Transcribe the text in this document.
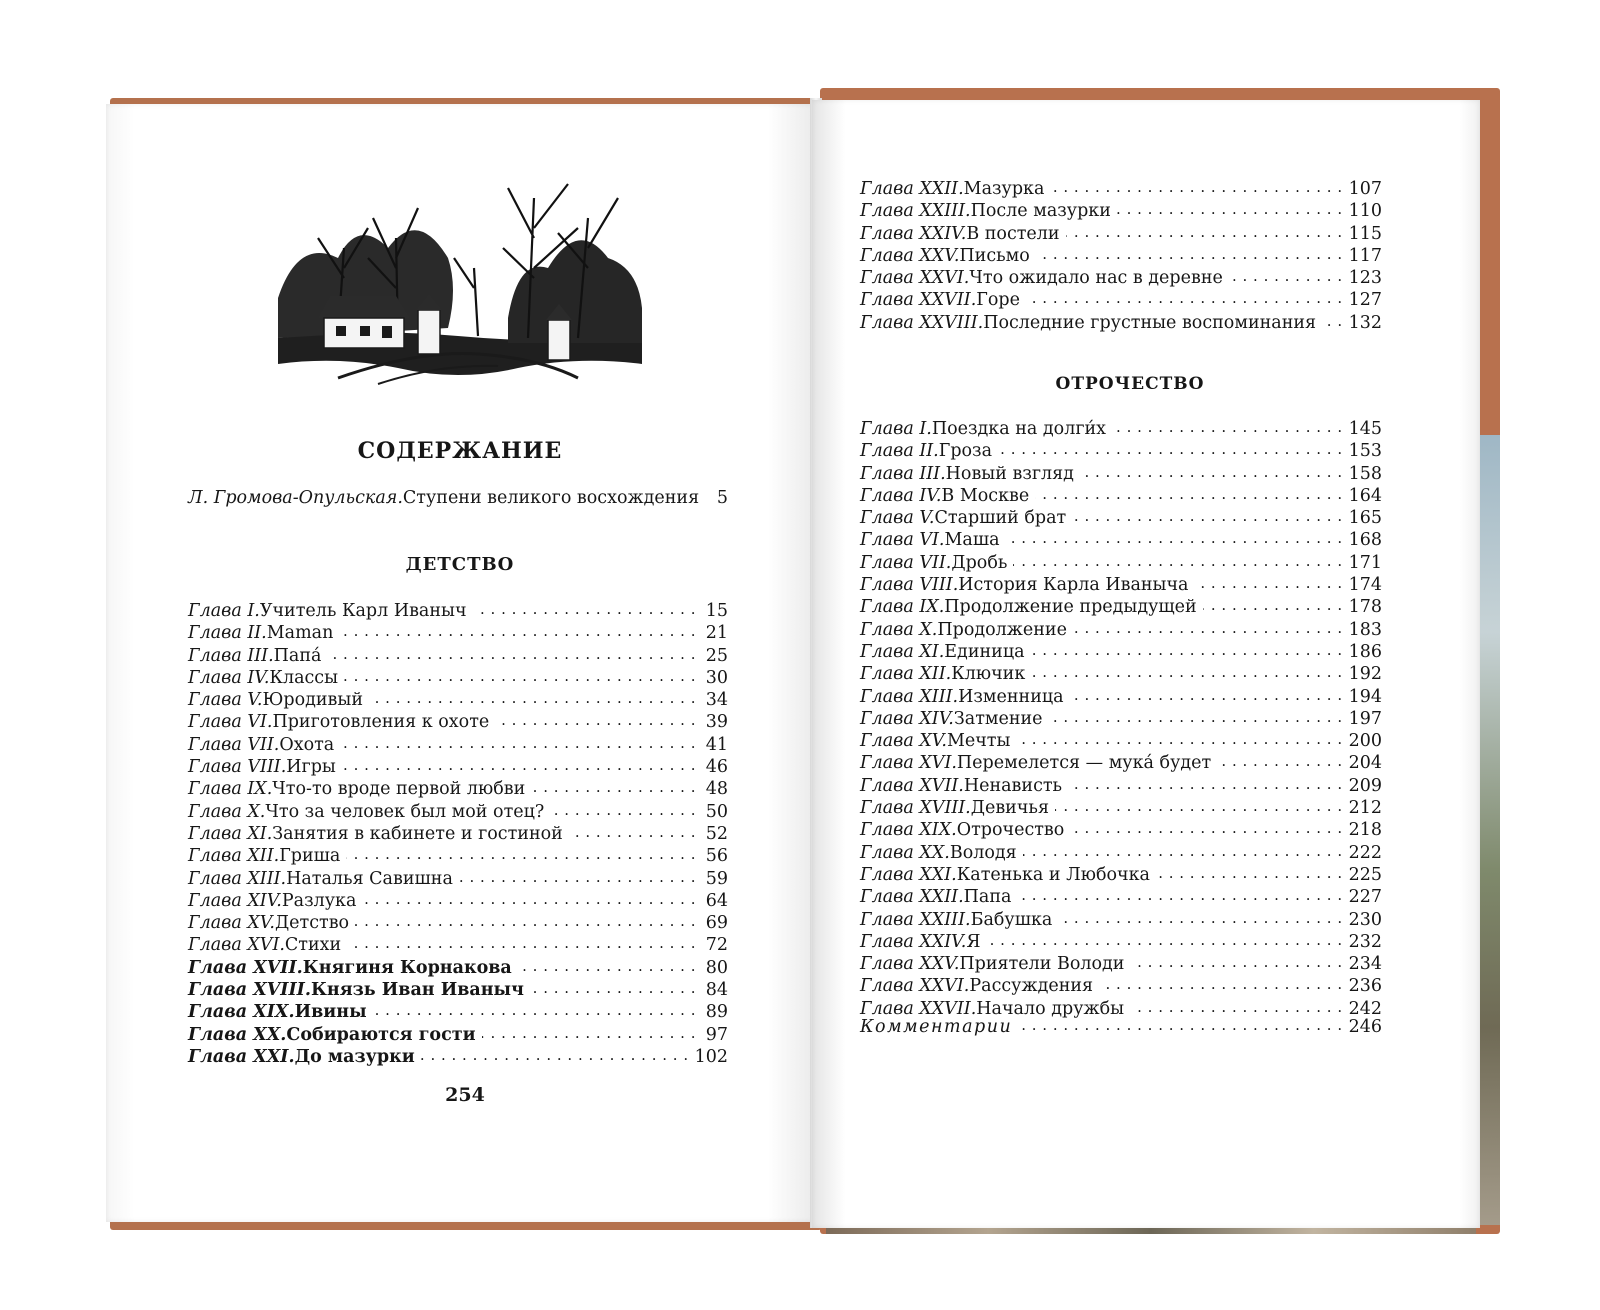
СОДЕРЖАНИЕ
Л. Громова-Опульская. Ступени великого восхождения 5
ДЕТСТВО
Глава I. Учитель Карл Иваныч . . .	15
Глава II. Maman . . .	21
Глава III. Папа́ . . .	25
Глава IV. Классы . . .	30
Глава V. Юродивый . . .	34
Глава VI. Приготовления к охоте . . .	39
Глава VII. Охота . . .	41
Глава VIII. Игры . . .	46
Глава IX. Что-то вроде первой любви . . .	48
Глава X. Что за человек был мой отец? . . .	50
Глава XI. Занятия в кабинете и гостиной . . .	52
Глава XII. Гриша . . .	56
Глава XIII. Наталья Савишна . . .	59
Глава XIV. Разлука . . .	64
Глава XV. Детство . . .	69
Глава XVI. Стихи . . .	72
Глава XVII. Княгиня Корнакова . . .	80
Глава XVIII. Князь Иван Иваныч . . .	84
Глава XIX. Ивины . . .	89
Глава XX. Собираются гости . . .	97
Глава XXI. До мазурки . . .	102
254
Глава XXII. Мазурка . . .	107
Глава XXIII. После мазурки . . .	110
Глава XXIV. В постели . . .	115
Глава XXV. Письмо . . .	117
Глава XXVI. Что ожидало нас в деревне . . .	123
Глава XXVII. Горе . . .	127
Глава XXVIII. Последние грустные воспоминания . . . 132
ОТРОЧЕСТВО
Глава I. Поездка на долги́х . . .	145
Глава II. Гроза . . .	153
Глава III. Новый взгляд . . .	158
Глава IV. В Москве . . .	164
Глава V. Старший брат . . .	165
Глава VI. Маша . . .	168
Глава VII. Дробь . . .	171
Глава VIII. История Карла Иваныча . . .	174
Глава IX. Продолжение предыдущей . . .	178
Глава X. Продолжение . . .	183
Глава XI. Единица . . .	186
Глава XII. Ключик . . .	192
Глава XIII. Изменница . . .	194
Глава XIV. Затмение . . .	197
Глава XV. Мечты . . .	200
Глава XVI. Перемелется — мука́ будет . . .	204
Глава XVII. Ненависть . . .	209
Глава XVIII. Девичья . . .	212
Глава XIX. Отрочество . . .	218
Глава XX. Володя . . .	222
Глава XXI. Катенька и Любочка . . .	225
Глава XXII. Папа . . .	227
Глава XXIII. Бабушка . . .	230
Глава XXIV. Я . . .	232
Глава XXV. Приятели Володи . . .	234
Глава XXVI. Рассуждения . . .	236
Глава XXVII. Начало дружбы . . .	242
Комментарии . . .	246
